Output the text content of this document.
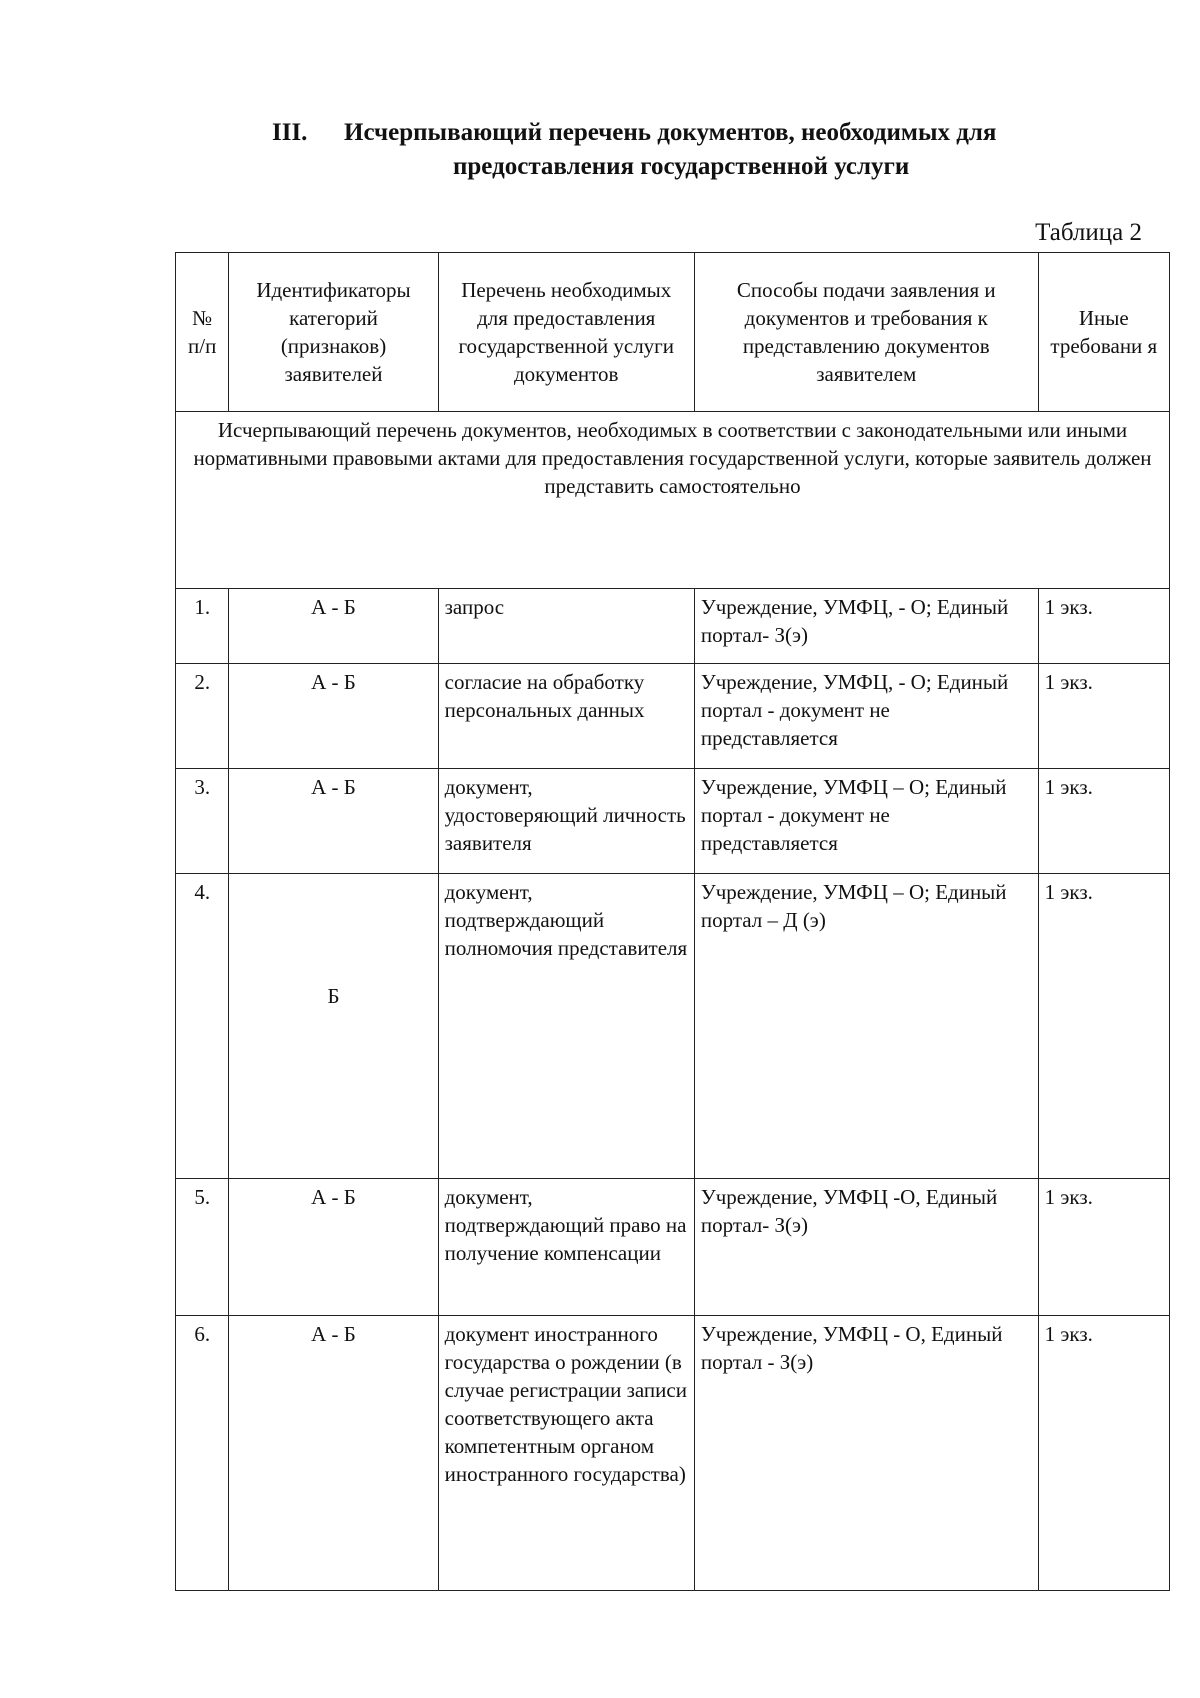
III. Исчерпывающий перечень документов, необходимых для
предоставления государственной услуги
Таблица 2
№ п/п	Идентификаторы категорий (признаков) заявителей	Перечень необходимых для предоставления государственной услуги документов	Способы подачи заявления и документов и требования к представлению документов заявителем	Иные требовани я
Исчерпывающий перечень документов, необходимых в соответствии с законодательными или иными нормативными правовыми актами для предоставления государственной услуги, которые заявитель должен представить самостоятельно				
1.	А - Б	запрос	Учреждение, УМФЦ, - О; Единый портал- З(э)	1 экз.
2.	А - Б	согласие на обработку персональных данных	Учреждение, УМФЦ, - О; Единый портал - документ не представляется	1 экз.
3.	А - Б	документ, удостоверяющий личность заявителя	Учреждение, УМФЦ – О; Единый портал - документ не представляется	1 экз.
4.	Б	документ, подтверждающий полномочия представителя	Учреждение, УМФЦ – О; Единый портал – Д (э)	1 экз.
5.	А - Б	документ, подтверждающий право на получение компенсации	Учреждение, УМФЦ -О, Единый портал- З(э)	1 экз.
6.	А - Б	документ иностранного государства о рождении (в случае регистрации записи соответствующего акта компетентным органом иностранного государства)	Учреждение, УМФЦ - О, Единый портал - З(э)	1 экз.
